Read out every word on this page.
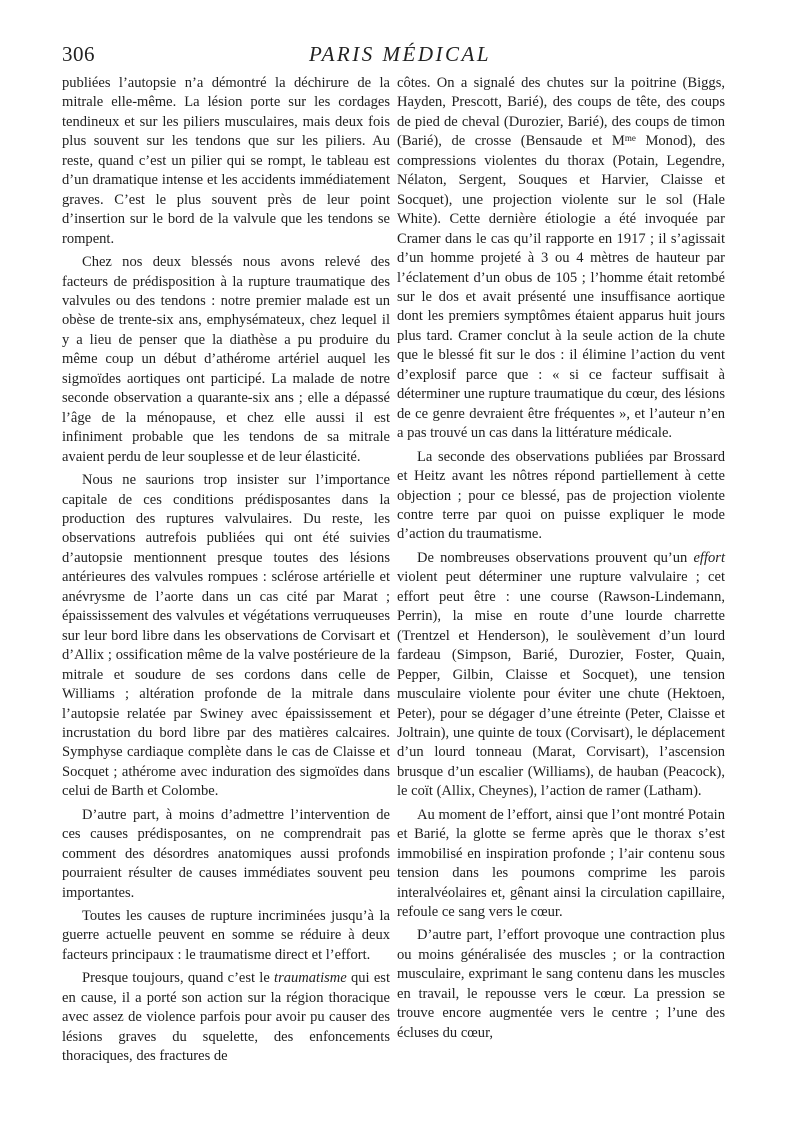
306	PARIS MÉDICAL

publiées l’autopsie n’a démontré la déchirure de la mitrale elle-même. La lésion porte sur les cordages tendineux et sur les piliers musculaires, mais deux fois plus souvent sur les tendons que sur les piliers. Au reste, quand c’est un pilier qui se rompt, le tableau est d’un dramatique intense et les accidents immédiatement graves. C’est le plus souvent près de leur point d’insertion sur le bord de la valvule que les tendons se rompent.

Chez nos deux blessés nous avons relevé des facteurs de prédisposition à la rupture traumatique des valvules ou des tendons : notre premier malade est un obèse de trente-six ans, emphysémateux, chez lequel il y a lieu de penser que la diathèse a pu produire du même coup un début d’athérome artériel auquel les sigmoïdes aortiques ont participé. La malade de notre seconde observation a quarante-six ans ; elle a dépassé l’âge de la ménopause, et chez elle aussi il est infiniment probable que les tendons de sa mitrale avaient perdu de leur souplesse et de leur élasticité.

Nous ne saurions trop insister sur l’importance capitale de ces conditions prédisposantes dans la production des ruptures valvulaires. Du reste, les observations autrefois publiées qui ont été suivies d’autopsie mentionnent presque toutes des lésions antérieures des valvules rompues : sclérose artérielle et anévrysme de l’aorte dans un cas cité par Marat ; épaississement des valvules et végétations verruqueuses sur leur bord libre dans les observations de Corvisart et d’Allix ; ossification même de la valve postérieure de la mitrale et soudure de ses cordons dans celle de Williams ; altération profonde de la mitrale dans l’autopsie relatée par Swiney avec épaississement et incrustation du bord libre par des matières calcaires. Symphyse cardiaque complète dans le cas de Claisse et Socquet ; athérome avec induration des sigmoïdes dans celui de Barth et Colombe.

D’autre part, à moins d’admettre l’intervention de ces causes prédisposantes, on ne comprendrait pas comment des désordres anatomiques aussi profonds pourraient résulter de causes immédiates souvent peu importantes.

Toutes les causes de rupture incriminées jusqu’à la guerre actuelle peuvent en somme se réduire à deux facteurs principaux : le traumatisme direct et l’effort.

Presque toujours, quand c’est le traumatisme qui est en cause, il a porté son action sur la région thoracique avec assez de violence parfois pour avoir pu causer des lésions graves du squelette, des enfoncements thoraciques, des fractures de

côtes. On a signalé des chutes sur la poitrine (Biggs, Hayden, Prescott, Barié), des coups de tête, des coups de pied de cheval (Durozier, Barié), des coups de timon (Barié), de crosse (Bensaude et $M^{me}$ Monod), des compressions violentes du thorax (Potain, Legendre, Nélaton, Sergent, Souques et Harvier, Claisse et Socquet), une projection violente sur le sol (Hale White). Cette dernière étiologie a été invoquée par Cramer dans le cas qu’il rapporte en 1917 ; il s’agissait d’un homme projeté à 3 ou 4 mètres de hauteur par l’éclatement d’un obus de 105 ; l’homme était retombé sur le dos et avait présenté une insuffisance aortique dont les premiers symptômes étaient apparus huit jours plus tard. Cramer conclut à la seule action de la chute que le blessé fit sur le dos : il élimine l’action du vent d’explosif parce que : « si ce facteur suffisait à déterminer une rupture traumatique du cœur, des lésions de ce genre devraient être fréquentes », et l’auteur n’en a pas trouvé un cas dans la littérature médicale.

La seconde des observations publiées par Brossard et Heitz avant les nôtres répond partiellement à cette objection ; pour ce blessé, pas de projection violente contre terre par quoi on puisse expliquer le mode d’action du traumatisme.

De nombreuses observations prouvent qu’un effort violent peut déterminer une rupture valvulaire ; cet effort peut être : une course (Rawson-Lindemann, Perrin), la mise en route d’une lourde charrette (Trentzel et Henderson), le soulèvement d’un lourd fardeau (Simpson, Barié, Durozier, Foster, Quain, Pepper, Gilbin, Claisse et Socquet), une tension musculaire violente pour éviter une chute (Hektoen, Peter), pour se dégager d’une étreinte (Peter, Claisse et Joltrain), une quinte de toux (Corvisart), le déplacement d’un lourd tonneau (Marat, Corvisart), l’ascension brusque d’un escalier (Williams), de hauban (Peacock), le coït (Allix, Cheynes), l’action de ramer (Latham).

Au moment de l’effort, ainsi que l’ont montré Potain et Barié, la glotte se ferme après que le thorax s’est immobilisé en inspiration profonde ; l’air contenu sous tension dans les poumons comprime les parois interalvéolaires et, gênant ainsi la circulation capillaire, refoule ce sang vers le cœur.

D’autre part, l’effort provoque une contraction plus ou moins généralisée des muscles ; or la contraction musculaire, exprimant le sang contenu dans les muscles en travail, le repousse vers le cœur. La pression se trouve encore augmentée vers le centre ; l’une des écluses du cœur,
